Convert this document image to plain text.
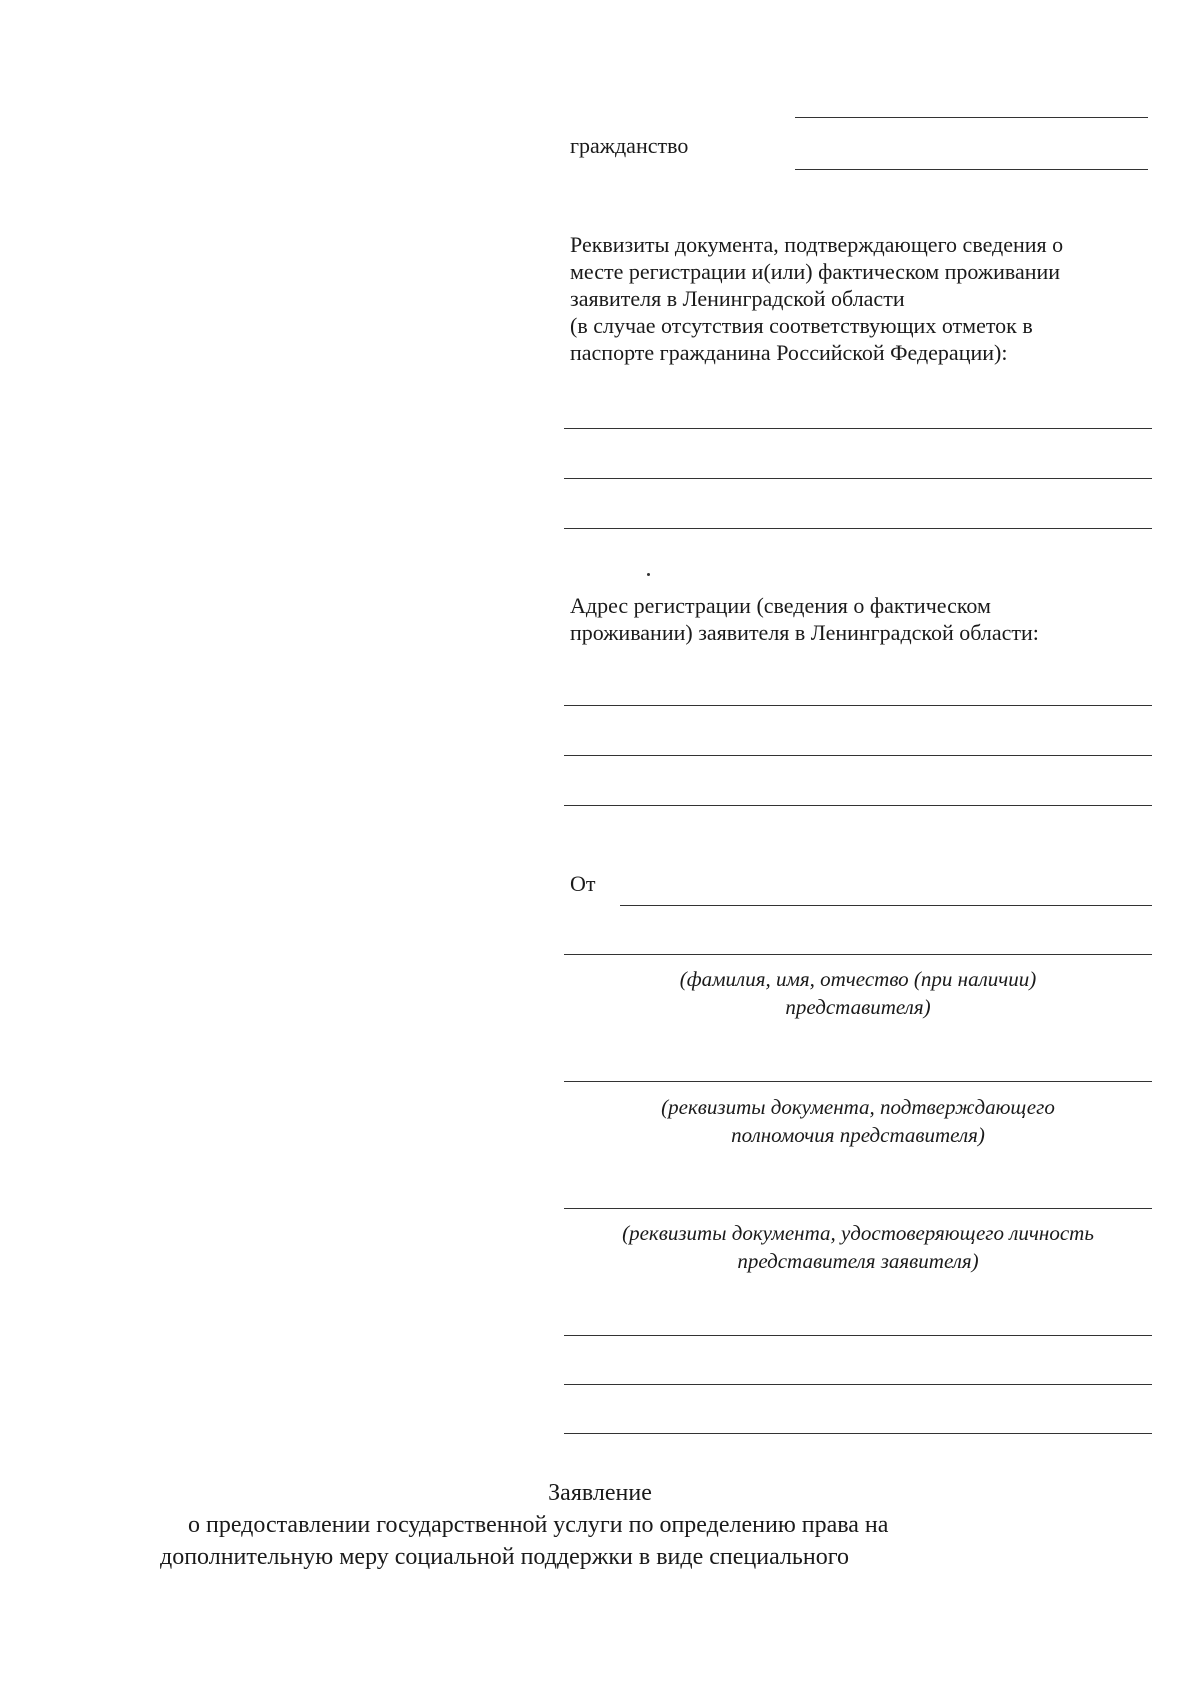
гражданство
Реквизиты документа, подтверждающего сведения о
месте регистрации и(или) фактическом проживании
заявителя в Ленинградской области
(в случае отсутствия соответствующих отметок в
паспорте гражданина Российской Федерации):
Адрес регистрации (сведения о фактическом
проживании) заявителя в Ленинградской области:
От
(фамилия, имя, отчество (при наличии)
представителя)
(реквизиты документа, подтверждающего
полномочия представителя)
(реквизиты документа, удостоверяющего личность
представителя заявителя)
Заявление
о предоставлении государственной услуги по определению права на
дополнительную меру социальной поддержки в виде специального
